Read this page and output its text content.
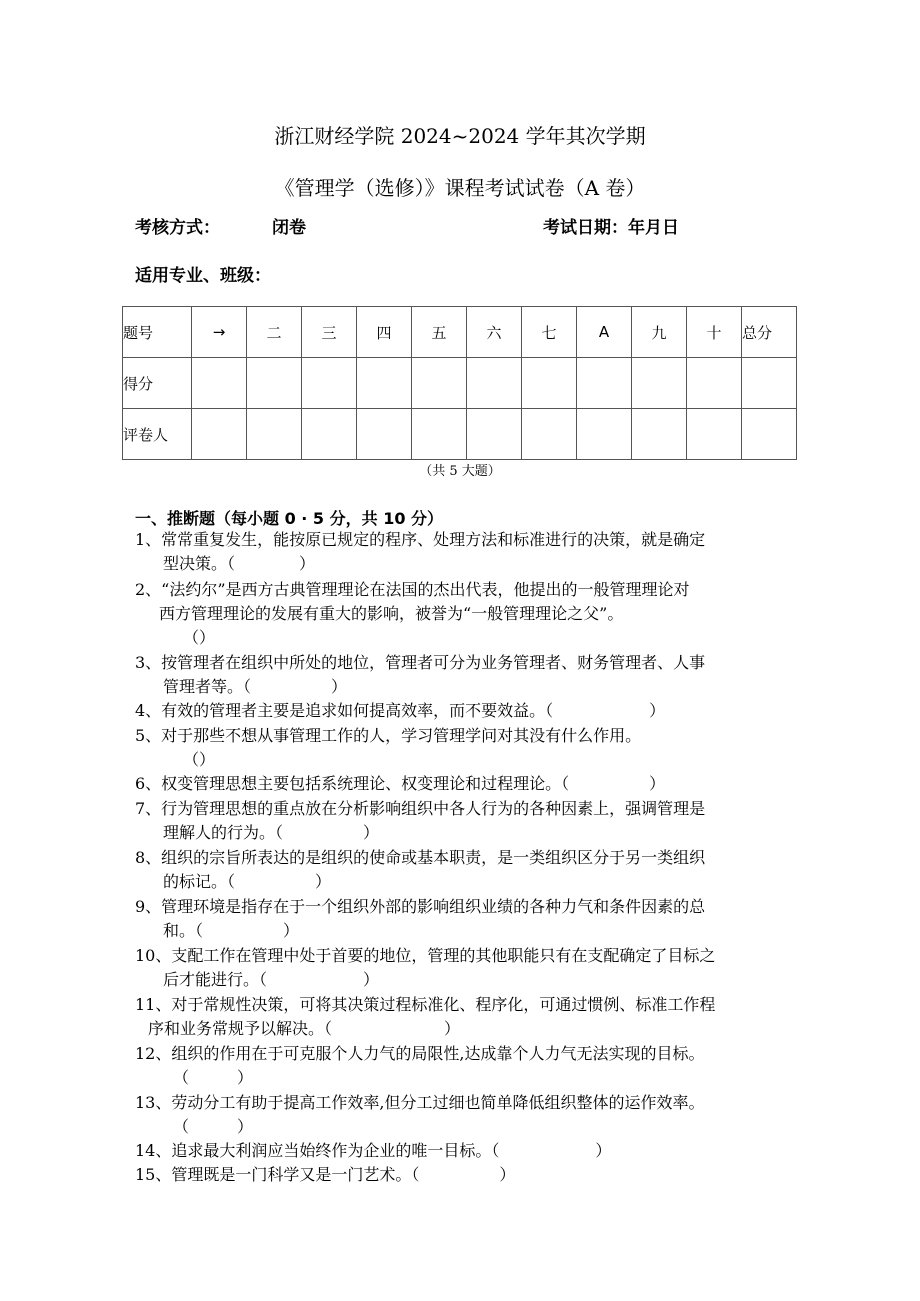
浙江财经学院 2024~2024 学年其次学期
《管理学（选修）》课程考试试卷（A 卷）
考核方式：	闭卷	考试日期：年月日
适用专业、班级：
题号	→	二	三	四	五	六	七	A	九	十	总分
得分											
评卷人											
（共 5 大题）
一、推断题（每小题 0 · 5 分，共 10 分）
1、常常重复发生，能按原已规定的程序、处理方法和标准进行的决策，就是确定
型决策。（　　　　）
2、“法约尔”是西方古典管理理论在法国的杰出代表，他提出的一般管理理论对
西方管理理论的发展有重大的影响，被誉为“一般管理理论之父”。
（）
3、按管理者在组织中所处的地位，管理者可分为业务管理者、财务管理者、人事
管理者等。（　　　　　）
4、有效的管理者主要是追求如何提高效率，而不要效益。（　　　　　　）
5、对于那些不想从事管理工作的人，学习管理学问对其没有什么作用。
（）
6、权变管理思想主要包括系统理论、权变理论和过程理论。（　　　　　）
7、行为管理思想的重点放在分析影响组织中各人行为的各种因素上，强调管理是
理解人的行为。（　　　　　）
8、组织的宗旨所表达的是组织的使命或基本职责，是一类组织区分于另一类组织
的标记。（　　　　　）
9、管理环境是指存在于一个组织外部的影响组织业绩的各种力气和条件因素的总
和。（　　　　　）
10、支配工作在管理中处于首要的地位，管理的其他职能只有在支配确定了目标之
后才能进行。（　　　　　　）
11、对于常规性决策，可将其决策过程标准化、程序化，可通过惯例、标准工作程
序和业务常规予以解决。（　　　　　　　）
12、组织的作用在于可克服个人力气的局限性,达成靠个人力气无法实现的目标。
（　　　）
13、劳动分工有助于提高工作效率,但分工过细也简单降低组织整体的运作效率。
（　　　）
14、追求最大利润应当始终作为企业的唯一目标。（　　　　　　）
15、管理既是一门科学又是一门艺术。（　　　　　）
